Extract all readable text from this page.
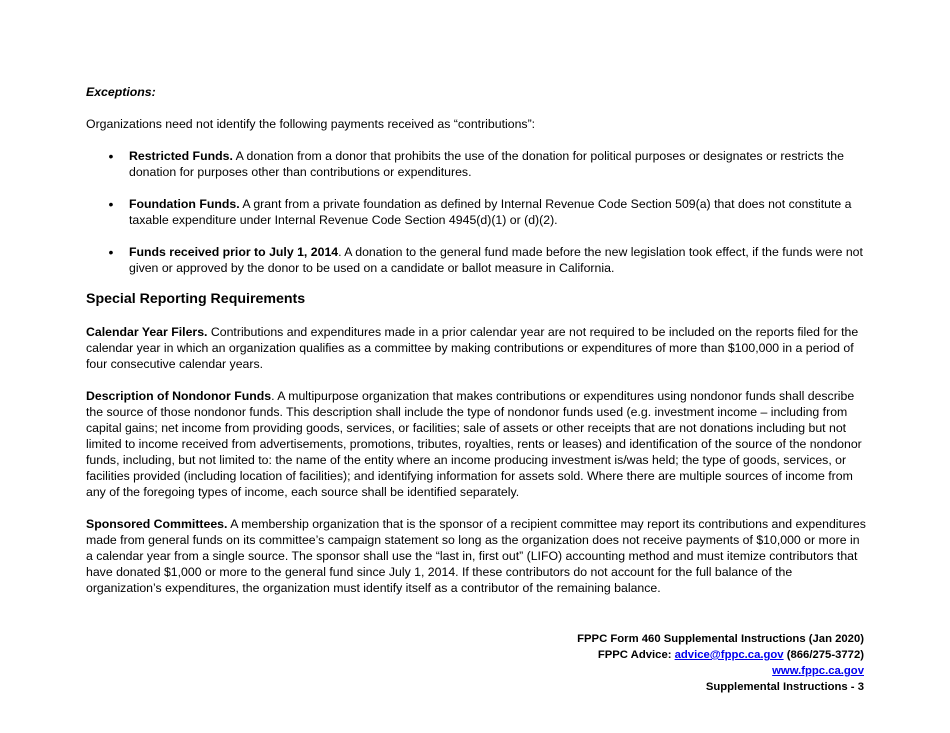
Exceptions:

Organizations need not identify the following payments received as “contributions”:

• Restricted Funds. A donation from a donor that prohibits the use of the donation for political purposes or designates or restricts the donation for purposes other than contributions or expenditures.
• Foundation Funds. A grant from a private foundation as defined by Internal Revenue Code Section 509(a) that does not constitute a taxable expenditure under Internal Revenue Code Section 4945(d)(1) or (d)(2).
• Funds received prior to July 1, 2014. A donation to the general fund made before the new legislation took effect, if the funds were not given or approved by the donor to be used on a candidate or ballot measure in California.

Special Reporting Requirements

Calendar Year Filers. Contributions and expenditures made in a prior calendar year are not required to be included on the reports filed for the calendar year in which an organization qualifies as a committee by making contributions or expenditures of more than $100,000 in a period of four consecutive calendar years.

Description of Nondonor Funds. A multipurpose organization that makes contributions or expenditures using nondonor funds shall describe the source of those nondonor funds. This description shall include the type of nondonor funds used (e.g. investment income – including from capital gains; net income from providing goods, services, or facilities; sale of assets or other receipts that are not donations including but not limited to income received from advertisements, promotions, tributes, royalties, rents or leases) and identification of the source of the nondonor funds, including, but not limited to: the name of the entity where an income producing investment is/was held; the type of goods, services, or facilities provided (including location of facilities); and identifying information for assets sold. Where there are multiple sources of income from any of the foregoing types of income, each source shall be identified separately.

Sponsored Committees. A membership organization that is the sponsor of a recipient committee may report its contributions and expenditures made from general funds on its committee’s campaign statement so long as the organization does not receive payments of $10,000 or more in a calendar year from a single source. The sponsor shall use the “last in, first out” (LIFO) accounting method and must itemize contributors that have donated $1,000 or more to the general fund since July 1, 2014. If these contributors do not account for the full balance of the organization’s expenditures, the organization must identify itself as a contributor of the remaining balance.

FPPC Form 460 Supplemental Instructions (Jan 2020)
FPPC Advice: advice@fppc.ca.gov (866/275-3772)
www.fppc.ca.gov
Supplemental Instructions - 3
